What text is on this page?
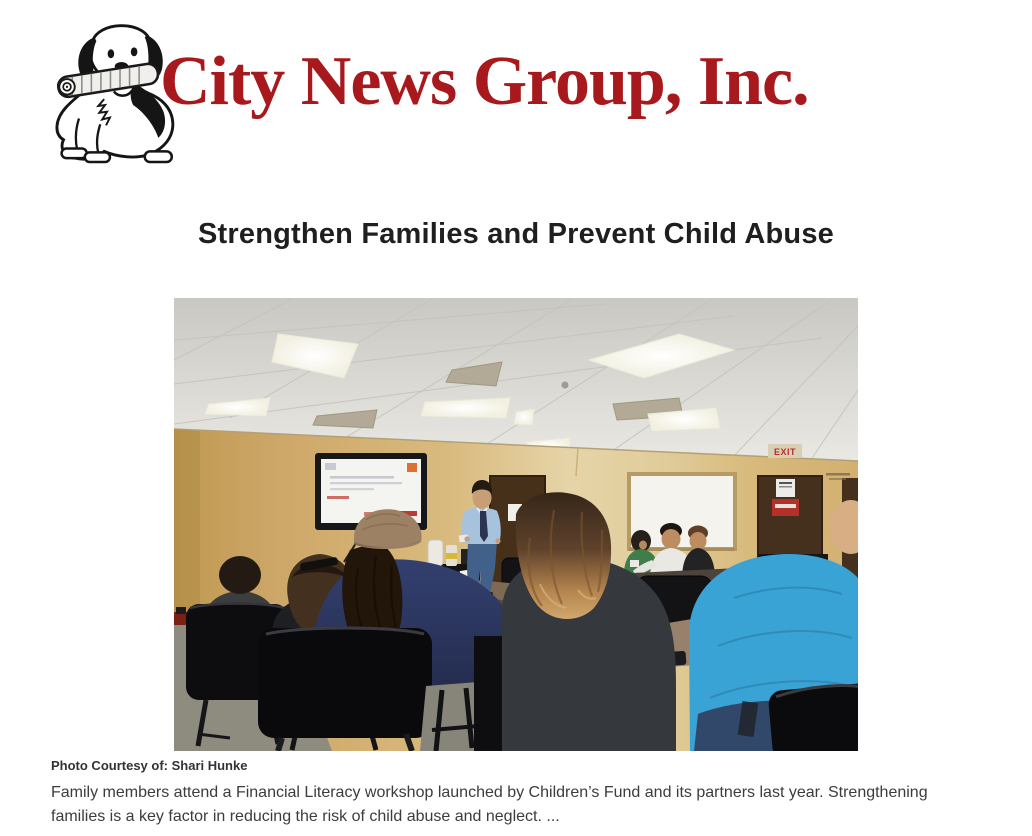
City News Group, Inc.
Strengthen Families and Prevent Child Abuse
EXIT

Photo Courtesy of: Shari Hunke

Family members attend a Financial Literacy workshop launched by Children’s Fund and its partners last year. Strengthening families is a key factor in reducing the risk of child abuse and neglect. ...
